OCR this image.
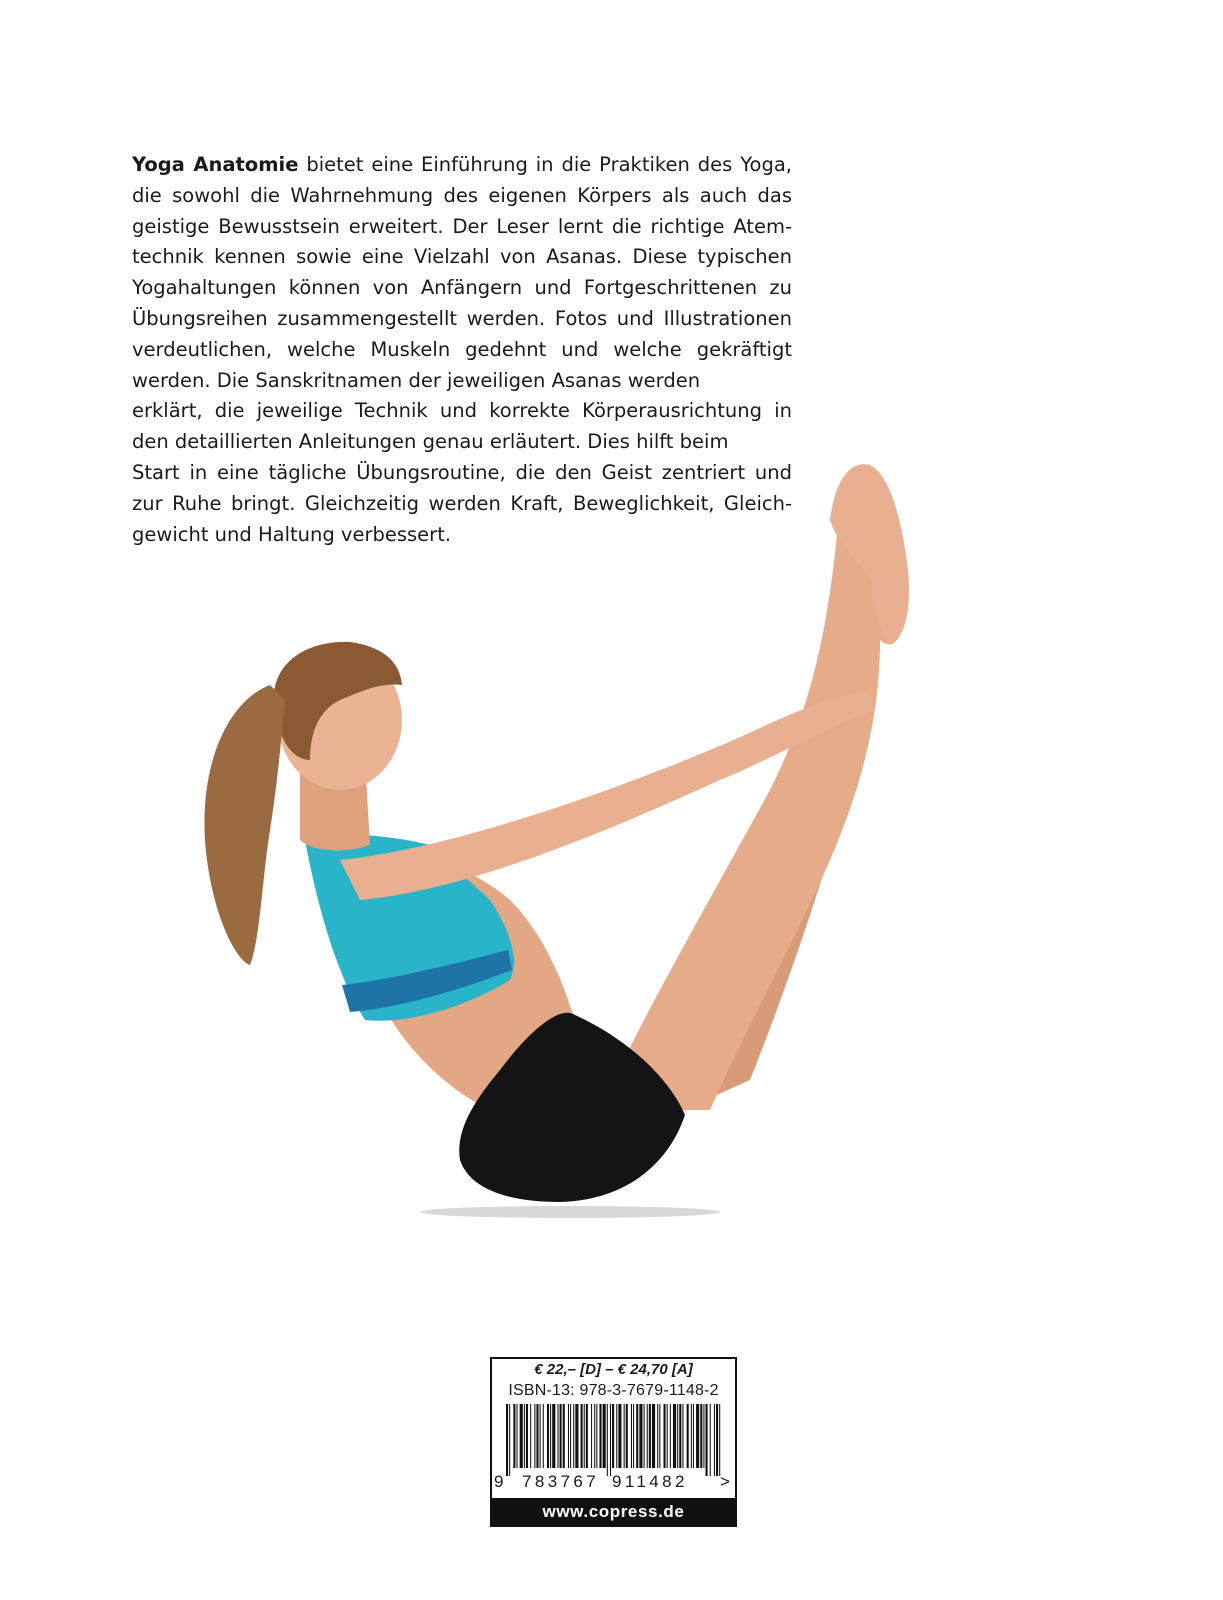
Yoga Anatomie bietet eine Einführung in die Praktiken des Yoga,
die sowohl die Wahrnehmung des eigenen Körpers als auch das
geistige Bewusstsein erweitert. Der Leser lernt die richtige Atem-
technik kennen sowie eine Vielzahl von Asanas. Diese typischen
Yogahaltungen können von Anfängern und Fortgeschrittenen zu
Übungsreihen zusammengestellt werden. Fotos und Illustrationen
verdeutlichen, welche Muskeln gedehnt und welche gekräftigt
werden. Die Sanskritnamen der jeweiligen Asanas werden
erklärt, die jeweilige Technik und korrekte Körperausrichtung in
den detaillierten Anleitungen genau erläutert. Dies hilft beim
Start in eine tägliche Übungsroutine, die den Geist zentriert und
zur Ruhe bringt. Gleichzeitig werden Kraft, Beweglichkeit, Gleich-
gewicht und Haltung verbessert.
€ 22,– [D] – € 24,70 [A]
ISBN-13: 978-3-7679-1148-2
9 783767 911482 >
www.copress.de
